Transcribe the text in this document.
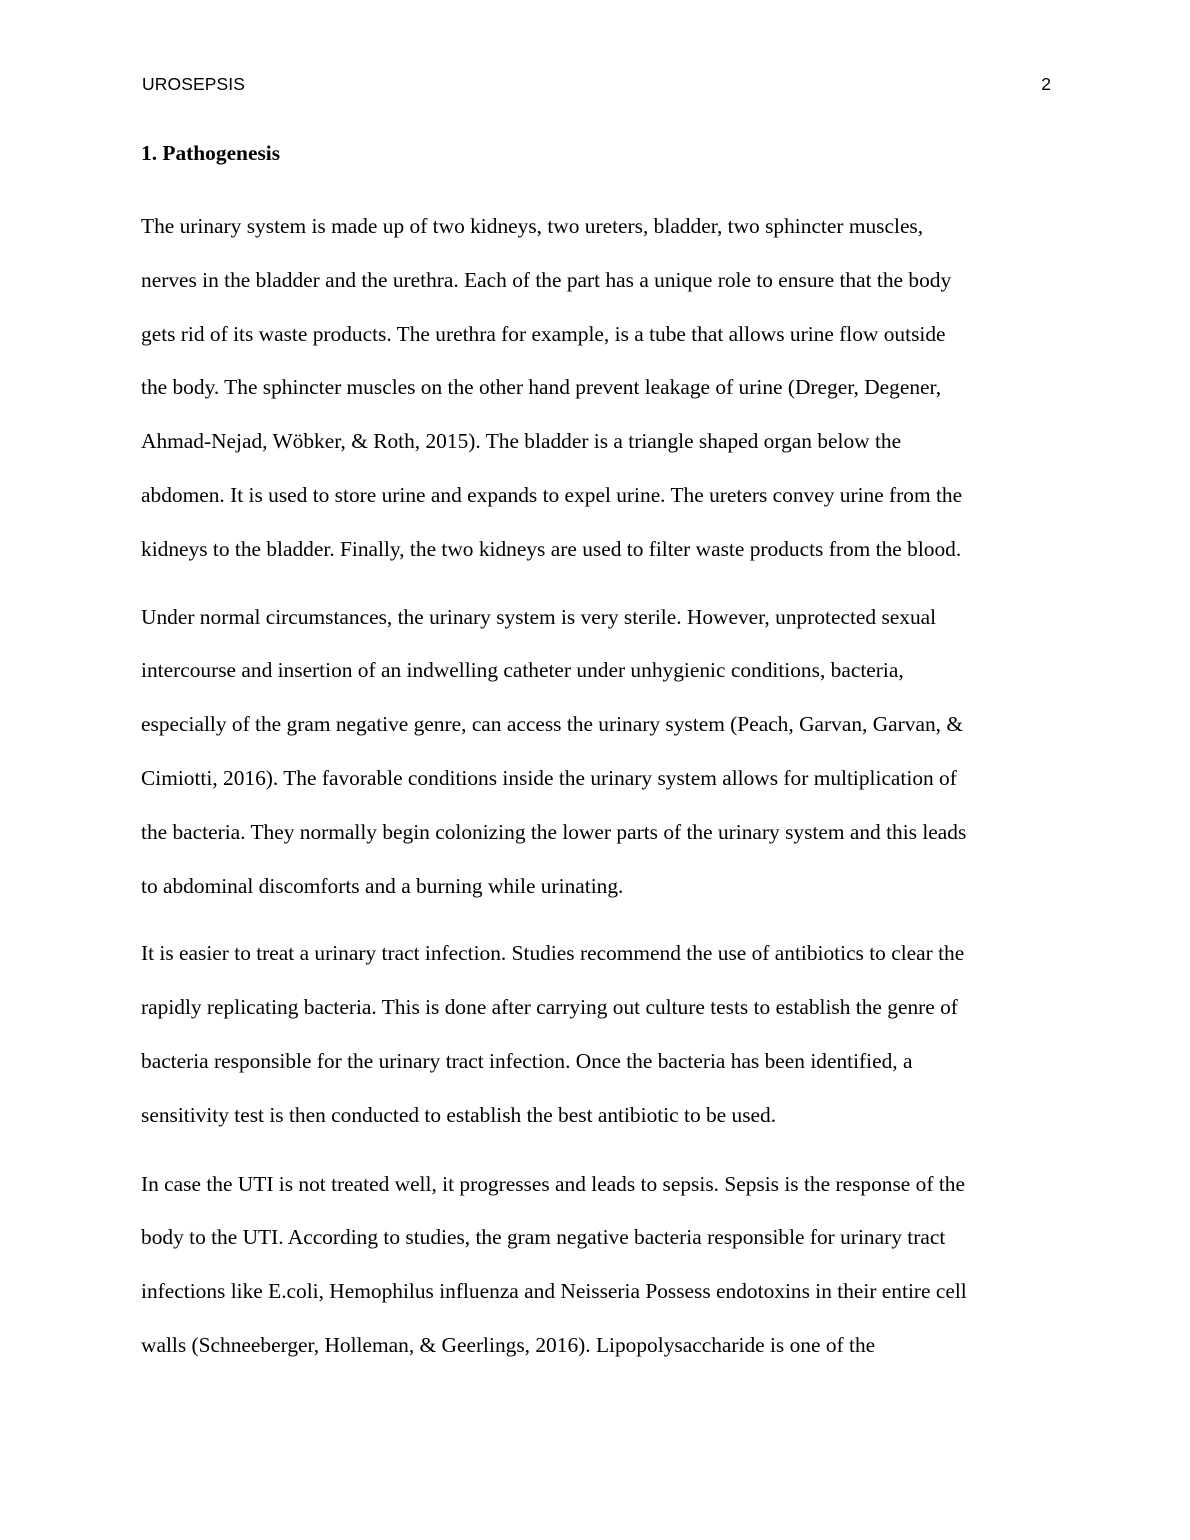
UROSEPSIS	2
1. Pathogenesis

The urinary system is made up of two kidneys, two ureters, bladder, two sphincter muscles,
nerves in the bladder and the urethra. Each of the part has a unique role to ensure that the body
gets rid of its waste products. The urethra for example, is a tube that allows urine flow outside
the body. The sphincter muscles on the other hand prevent leakage of urine (Dreger, Degener,
Ahmad-Nejad, Wöbker, & Roth, 2015). The bladder is a triangle shaped organ below the
abdomen. It is used to store urine and expands to expel urine. The ureters convey urine from the
kidneys to the bladder. Finally, the two kidneys are used to filter waste products from the blood.

Under normal circumstances, the urinary system is very sterile. However, unprotected sexual
intercourse and insertion of an indwelling catheter under unhygienic conditions, bacteria,
especially of the gram negative genre, can access the urinary system (Peach, Garvan, Garvan, &
Cimiotti, 2016). The favorable conditions inside the urinary system allows for multiplication of
the bacteria. They normally begin colonizing the lower parts of the urinary system and this leads
to abdominal discomforts and a burning while urinating.

It is easier to treat a urinary tract infection. Studies recommend the use of antibiotics to clear the
rapidly replicating bacteria. This is done after carrying out culture tests to establish the genre of
bacteria responsible for the urinary tract infection. Once the bacteria has been identified, a
sensitivity test is then conducted to establish the best antibiotic to be used.

In case the UTI is not treated well, it progresses and leads to sepsis. Sepsis is the response of the
body to the UTI. According to studies, the gram negative bacteria responsible for urinary tract
infections like E.coli, Hemophilus influenza and Neisseria Possess endotoxins in their entire cell
walls (Schneeberger, Holleman, & Geerlings, 2016). Lipopolysaccharide is one of the
